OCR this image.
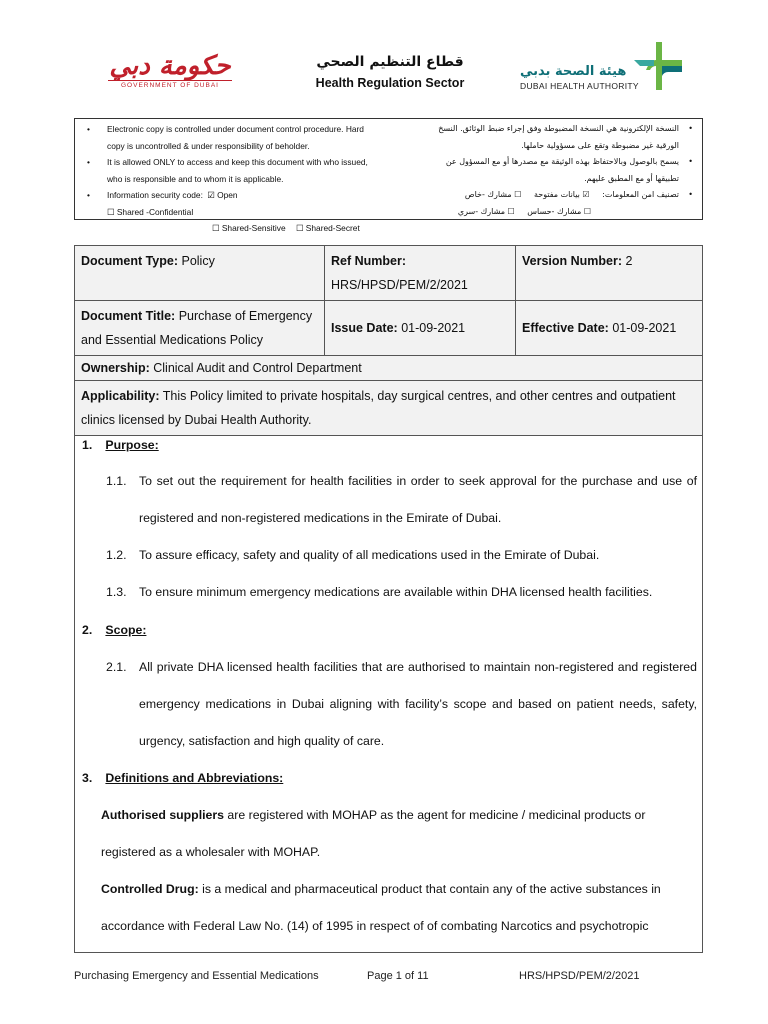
حكومة دبي
GOVERNMENT OF DUBAI
قطاع التنظيم الصحي
Health Regulation Sector
هيئة الصحة بدبي
DUBAI HEALTH AUTHORITY
• Electronic copy is controlled under document control procedure. Hard
copy is uncontrolled & under responsibility of beholder.
• It is allowed ONLY to access and keep this document with who issued,
who is responsible and to whom it is applicable.
• Information security code: ☑ Open ☐ Shared -Confidential
☐ Shared-Sensitive ☐ Shared-Secret
•
النسخة الإلكترونية هي النسخة المضبوطة وفق إجراء ضبط الوثائق. النسخ
الورقية غير مضبوطة وتقع على مسؤولية حاملها.
•
يسمح بالوصول وبالاحتفاظ بهذه الوثيقة مع مصدرها أو مع المسؤول عن
تطبيقها أو مع المطبق عليهم.
•
تصنيف امن المعلومات: ☑ بيانات مفتوحة ☐ مشارك -خاص
☐ مشارك -حساس ☐ مشارك -سري
Document Type: Policy	Ref Number:
HRS/HPSD/PEM/2/2021	Version Number: 2

Document Title: Purchase of Emergency
and Essential Medications Policy	Issue Date: 01-09-2021	Effective Date: 01-09-2021
Ownership: Clinical Audit and Control Department		

Applicability: This Policy limited to private hospitals, day surgical centres, and other centres and outpatient
clinics licensed by Dubai Health Authority.		
1. Purpose:
1.1. To set out the requirement for health facilities in order to seek approval for the purchase and use of registered and non-registered medications in the Emirate of Dubai.
1.2. To assure efficacy, safety and quality of all medications used in the Emirate of Dubai.
1.3. To ensure minimum emergency medications are available within DHA licensed health facilities.
2. Scope:
2.1. All private DHA licensed health facilities that are authorised to maintain non-registered and registered emergency medications in Dubai aligning with facility’s scope and based on patient needs, safety, urgency, satisfaction and high quality of care.
3. Definitions and Abbreviations:
Authorised suppliers are registered with MOHAP as the agent for medicine / medicinal products or registered as a wholesaler with MOHAP.
Controlled Drug: is a medical and pharmaceutical product that contain any of the active substances in accordance with Federal Law No. (14) of 1995 in respect of of combating Narcotics and psychotropic
Purchasing Emergency and Essential Medications	Page 1 of 11	HRS/HPSD/PEM/2/2021
